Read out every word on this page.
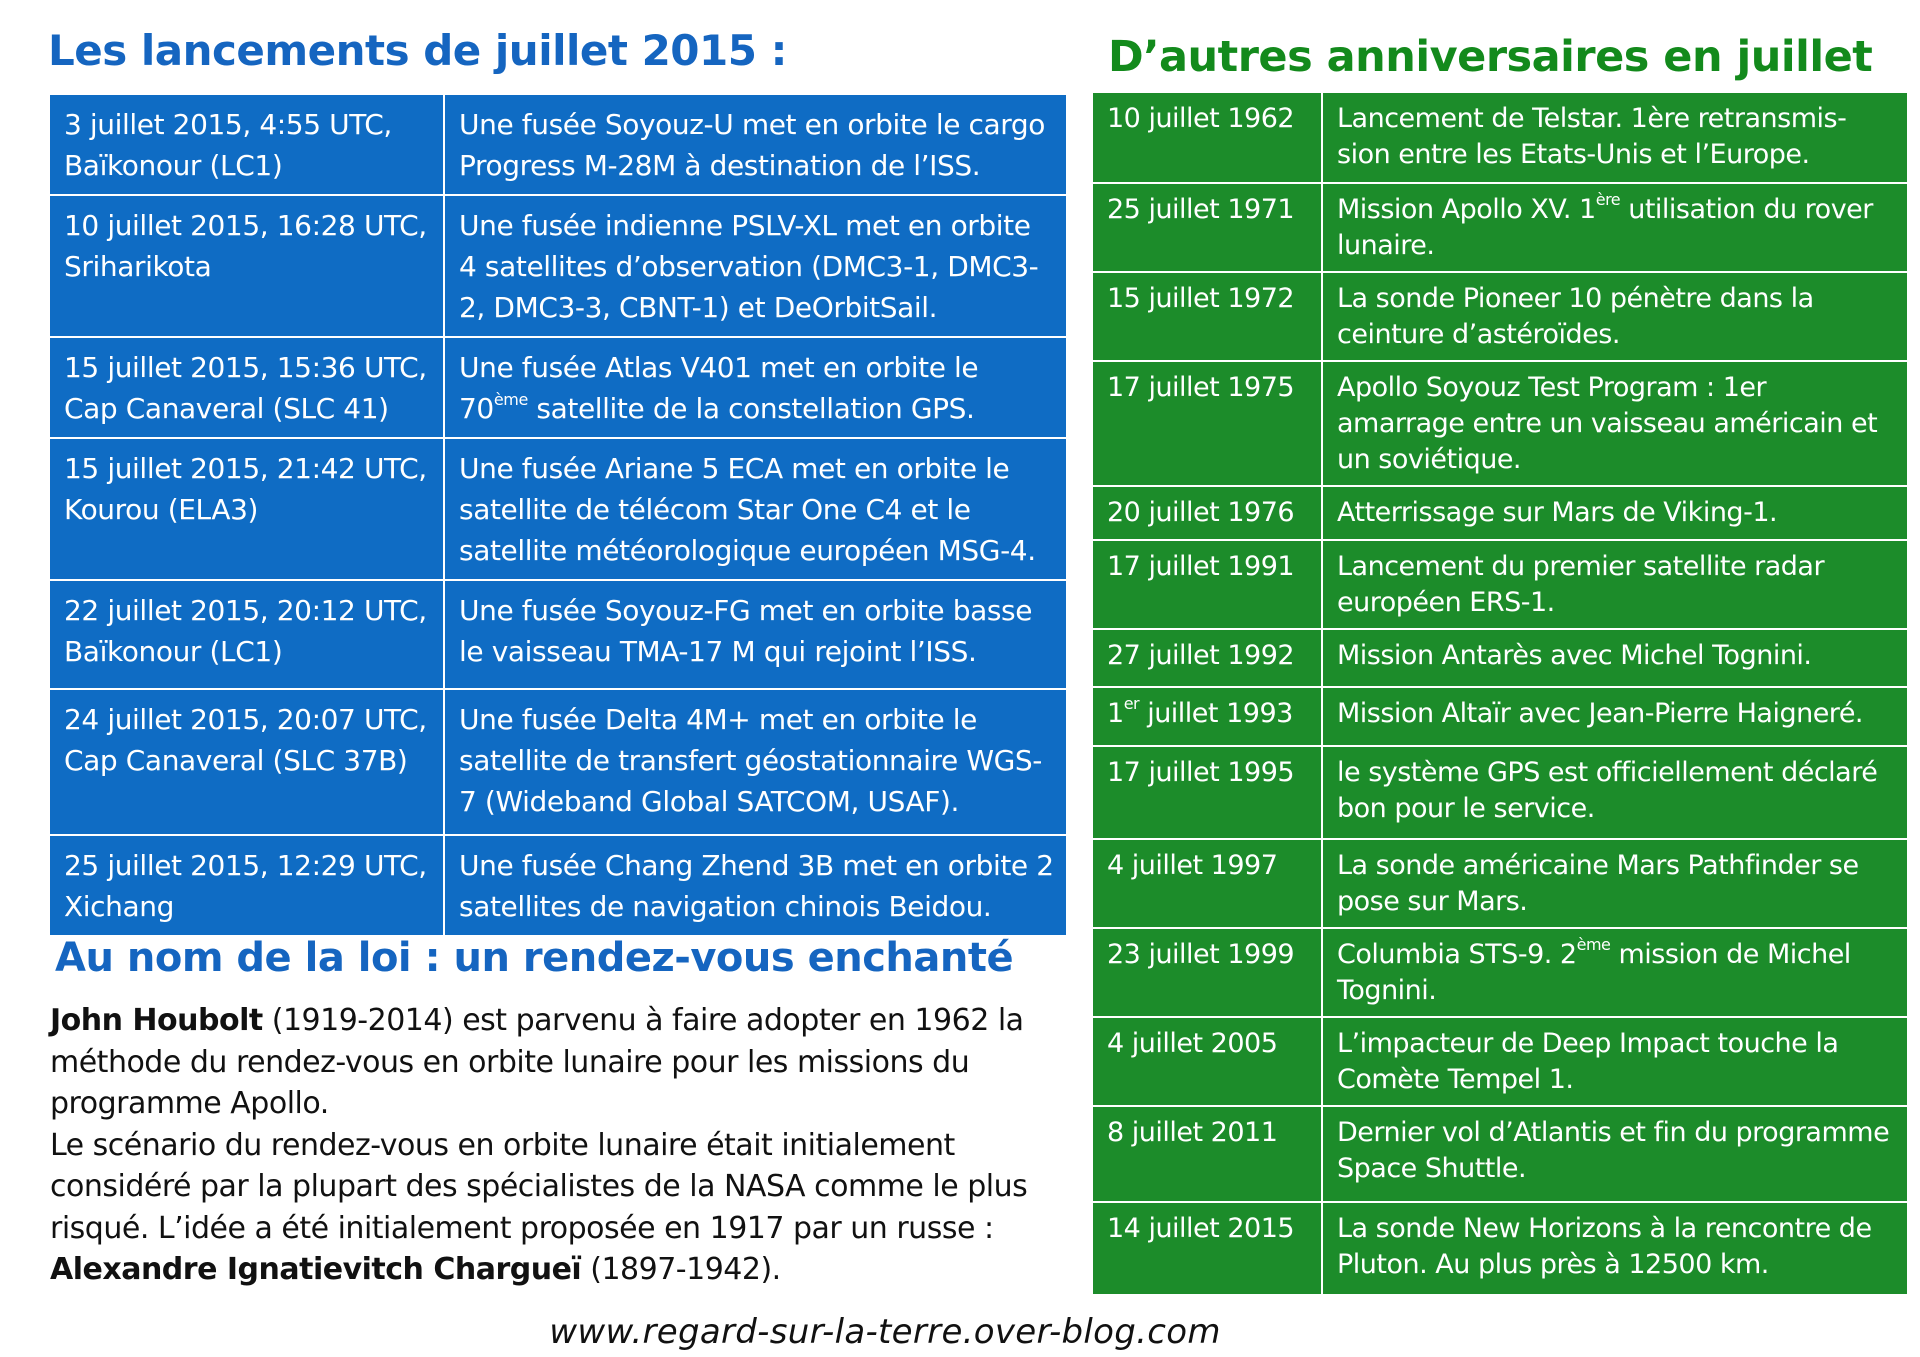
Les lancements de juillet 2015 :
3 juillet 2015, 4:55 UTC,
Baïkonour (LC1)	Une fusée Soyouz-U met en orbite le cargo Progress M-28M à destination de l’ISS.
10 juillet 2015, 16:28 UTC,
Sriharikota	Une fusée indienne PSLV-XL met en orbite 4 satellites d’observation (DMC3-1, DMC3-2, DMC3-3, CBNT-1) et DeOrbitSail.
15 juillet 2015, 15:36 UTC,
Cap Canaveral (SLC 41)	Une fusée Atlas V401 met en orbite le 70ème satellite de la constellation GPS.
15 juillet 2015, 21:42 UTC,
Kourou (ELA3)	Une fusée Ariane 5 ECA met en orbite le satellite de télécom Star One C4 et le satellite météorologique européen MSG-4.
22 juillet 2015, 20:12 UTC,
Baïkonour (LC1)	Une fusée Soyouz-FG met en orbite basse le vaisseau TMA-17 M qui rejoint l’ISS.
24 juillet 2015, 20:07 UTC,
Cap Canaveral (SLC 37B)	Une fusée Delta 4M+ met en orbite le satellite de transfert géostationnaire WGS-7 (Wideband Global SATCOM, USAF).
25 juillet 2015, 12:29 UTC,
Xichang	Une fusée Chang Zhend 3B met en orbite 2 satellites de navigation chinois Beidou.
Au nom de la loi : un rendez-vous enchanté

John Houbolt (1919-2014) est parvenu à faire adopter en 1962 la méthode du rendez-vous en orbite lunaire pour les missions du programme Apollo.

Le scénario du rendez-vous en orbite lunaire était initialement considéré par la plupart des spécialistes de la NASA comme le plus risqué. L’idée a été initialement proposée en 1917 par un russe : Alexandre Ignatievitch Chargueï (1897-1942).

D’autres anniversaires en juillet
10 juillet 1962	Lancement de Telstar. 1ère retransmis-sion entre les Etats-Unis et l’Europe.
25 juillet 1971	Mission Apollo XV. 1ère utilisation du rover lunaire.
15 juillet 1972	La sonde Pioneer 10 pénètre dans la ceinture d’astéroïdes.
17 juillet 1975	Apollo Soyouz Test Program : 1er amarrage entre un vaisseau américain et un soviétique.
20 juillet 1976	Atterrissage sur Mars de Viking-1.
17 juillet 1991	Lancement du premier satellite radar européen ERS-1.
27 juillet 1992	Mission Antarès avec Michel Tognini.
1er juillet 1993	Mission Altaïr avec Jean-Pierre Haigneré.
17 juillet 1995	le système GPS est officiellement déclaré bon pour le service.
4 juillet 1997	La sonde américaine Mars Pathfinder se pose sur Mars.
23 juillet 1999	Columbia STS-9. 2ème mission de Michel Tognini.
4 juillet 2005	L’impacteur de Deep Impact touche la Comète Tempel 1.
8 juillet 2011	Dernier vol d’Atlantis et fin du programme Space Shuttle.
14 juillet 2015	La sonde New Horizons à la rencontre de Pluton. Au plus près à 12500 km.
www.regard-sur-la-terre.over-blog.com
